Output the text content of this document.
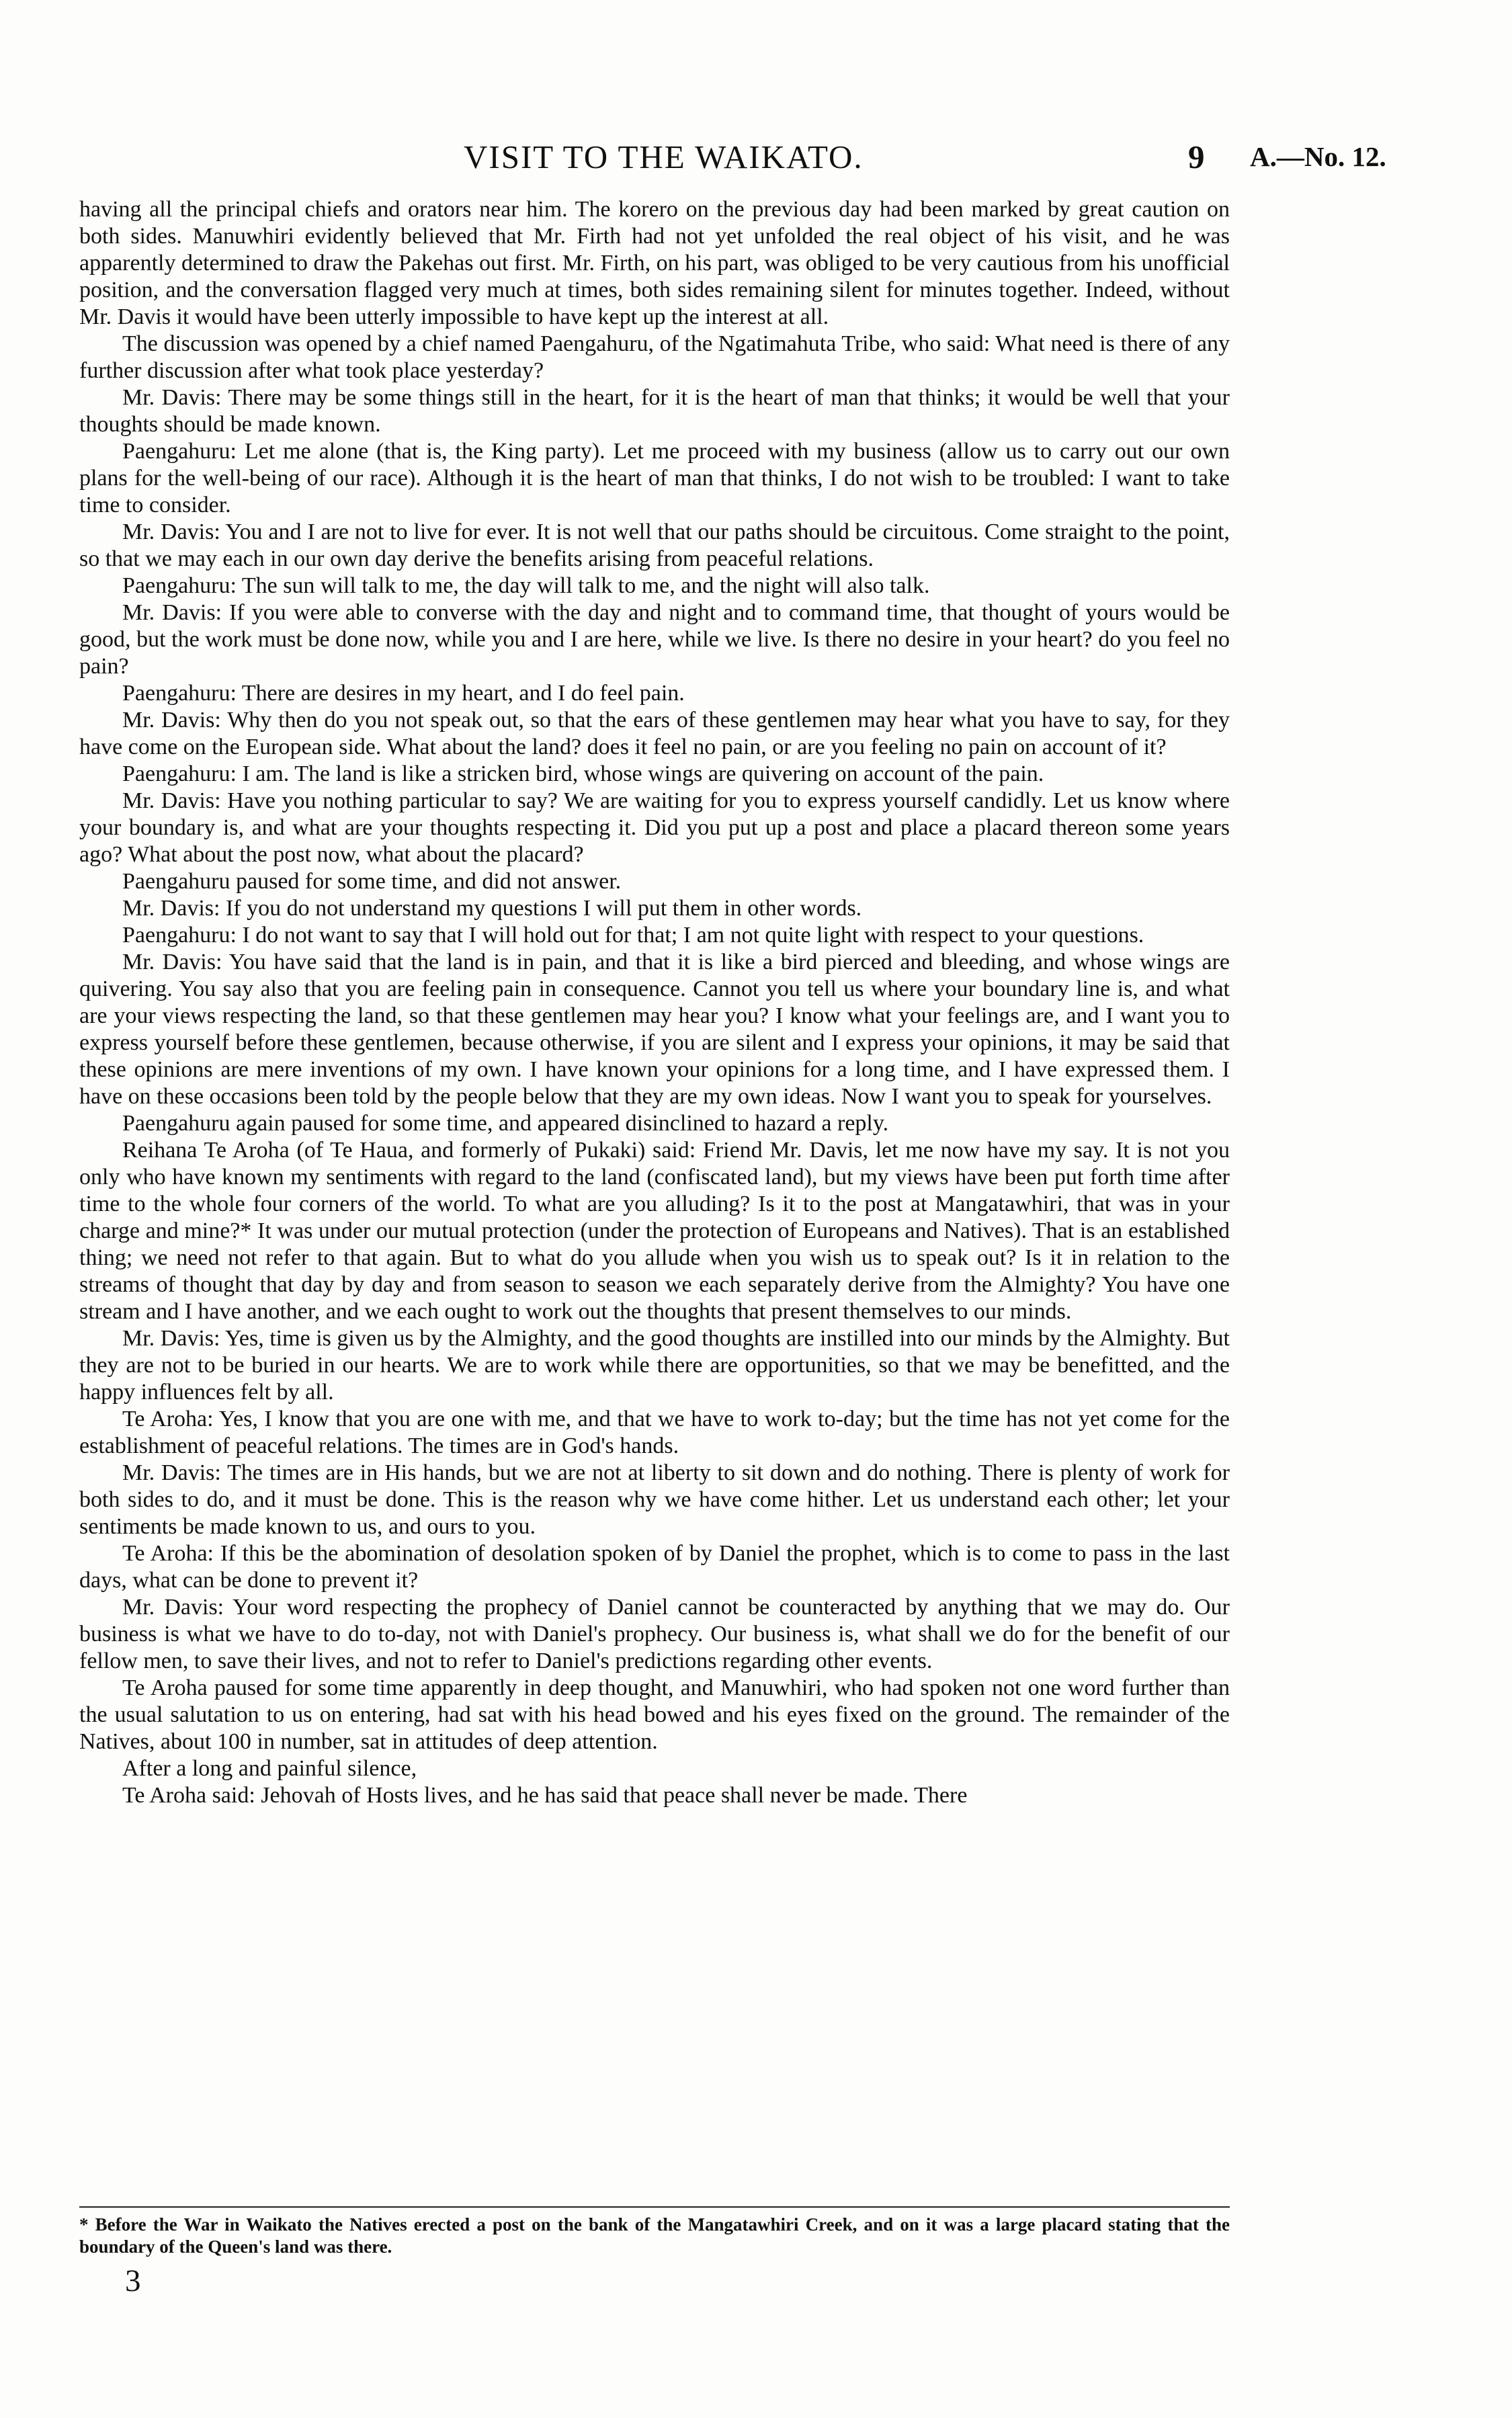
VISIT TO THE WAIKATO.	9 A.—No. 12.

having all the principal chiefs and orators near him. The korero on the previous day had been marked by great caution on both sides. Manuwhiri evidently believed that Mr. Firth had not yet unfolded the real object of his visit, and he was apparently determined to draw the Pakehas out first. Mr. Firth, on his part, was obliged to be very cautious from his unofficial position, and the conversation flagged very much at times, both sides remaining silent for minutes together. Indeed, without Mr. Davis it would have been utterly impossible to have kept up the interest at all.

The discussion was opened by a chief named Paengahuru, of the Ngatimahuta Tribe, who said: What need is there of any further discussion after what took place yesterday?

Mr. Davis: There may be some things still in the heart, for it is the heart of man that thinks; it would be well that your thoughts should be made known.

Paengahuru: Let me alone (that is, the King party). Let me proceed with my business (allow us to carry out our own plans for the well-being of our race). Although it is the heart of man that thinks, I do not wish to be troubled: I want to take time to consider.

Mr. Davis: You and I are not to live for ever. It is not well that our paths should be circuitous. Come straight to the point, so that we may each in our own day derive the benefits arising from peaceful relations.

Paengahuru: The sun will talk to me, the day will talk to me, and the night will also talk.

Mr. Davis: If you were able to converse with the day and night and to command time, that thought of yours would be good, but the work must be done now, while you and I are here, while we live. Is there no desire in your heart? do you feel no pain?

Paengahuru: There are desires in my heart, and I do feel pain.

Mr. Davis: Why then do you not speak out, so that the ears of these gentlemen may hear what you have to say, for they have come on the European side. What about the land? does it feel no pain, or are you feeling no pain on account of it?

Paengahuru: I am. The land is like a stricken bird, whose wings are quivering on account of the pain.

Mr. Davis: Have you nothing particular to say? We are waiting for you to express yourself candidly. Let us know where your boundary is, and what are your thoughts respecting it. Did you put up a post and place a placard thereon some years ago? What about the post now, what about the placard?

Paengahuru paused for some time, and did not answer.

Mr. Davis: If you do not understand my questions I will put them in other words.

Paengahuru: I do not want to say that I will hold out for that; I am not quite light with respect to your questions.

Mr. Davis: You have said that the land is in pain, and that it is like a bird pierced and bleeding, and whose wings are quivering. You say also that you are feeling pain in consequence. Cannot you tell us where your boundary line is, and what are your views respecting the land, so that these gentlemen may hear you? I know what your feelings are, and I want you to express yourself before these gentlemen, because otherwise, if you are silent and I express your opinions, it may be said that these opinions are mere inventions of my own. I have known your opinions for a long time, and I have expressed them. I have on these occasions been told by the people below that they are my own ideas. Now I want you to speak for yourselves.

Paengahuru again paused for some time, and appeared disinclined to hazard a reply.

Reihana Te Aroha (of Te Haua, and formerly of Pukaki) said: Friend Mr. Davis, let me now have my say. It is not you only who have known my sentiments with regard to the land (confiscated land), but my views have been put forth time after time to the whole four corners of the world. To what are you alluding? Is it to the post at Mangatawhiri, that was in your charge and mine?* It was under our mutual protection (under the protection of Europeans and Natives). That is an established thing; we need not refer to that again. But to what do you allude when you wish us to speak out? Is it in relation to the streams of thought that day by day and from season to season we each separately derive from the Almighty? You have one stream and I have another, and we each ought to work out the thoughts that present themselves to our minds.

Mr. Davis: Yes, time is given us by the Almighty, and the good thoughts are instilled into our minds by the Almighty. But they are not to be buried in our hearts. We are to work while there are opportunities, so that we may be benefitted, and the happy influences felt by all.

Te Aroha: Yes, I know that you are one with me, and that we have to work to-day; but the time has not yet come for the establishment of peaceful relations. The times are in God's hands.

Mr. Davis: The times are in His hands, but we are not at liberty to sit down and do nothing. There is plenty of work for both sides to do, and it must be done. This is the reason why we have come hither. Let us understand each other; let your sentiments be made known to us, and ours to you.

Te Aroha: If this be the abomination of desolation spoken of by Daniel the prophet, which is to come to pass in the last days, what can be done to prevent it?

Mr. Davis: Your word respecting the prophecy of Daniel cannot be counteracted by anything that we may do. Our business is what we have to do to-day, not with Daniel's prophecy. Our business is, what shall we do for the benefit of our fellow men, to save their lives, and not to refer to Daniel's predictions regarding other events.

Te Aroha paused for some time apparently in deep thought, and Manuwhiri, who had spoken not one word further than the usual salutation to us on entering, had sat with his head bowed and his eyes fixed on the ground. The remainder of the Natives, about 100 in number, sat in attitudes of deep attention.

After a long and painful silence,

Te Aroha said: Jehovah of Hosts lives, and he has said that peace shall never be made. There

* Before the War in Waikato the Natives erected a post on the bank of the Mangatawhiri Creek, and on it was a large placard stating that the boundary of the Queen's land was there.
3
